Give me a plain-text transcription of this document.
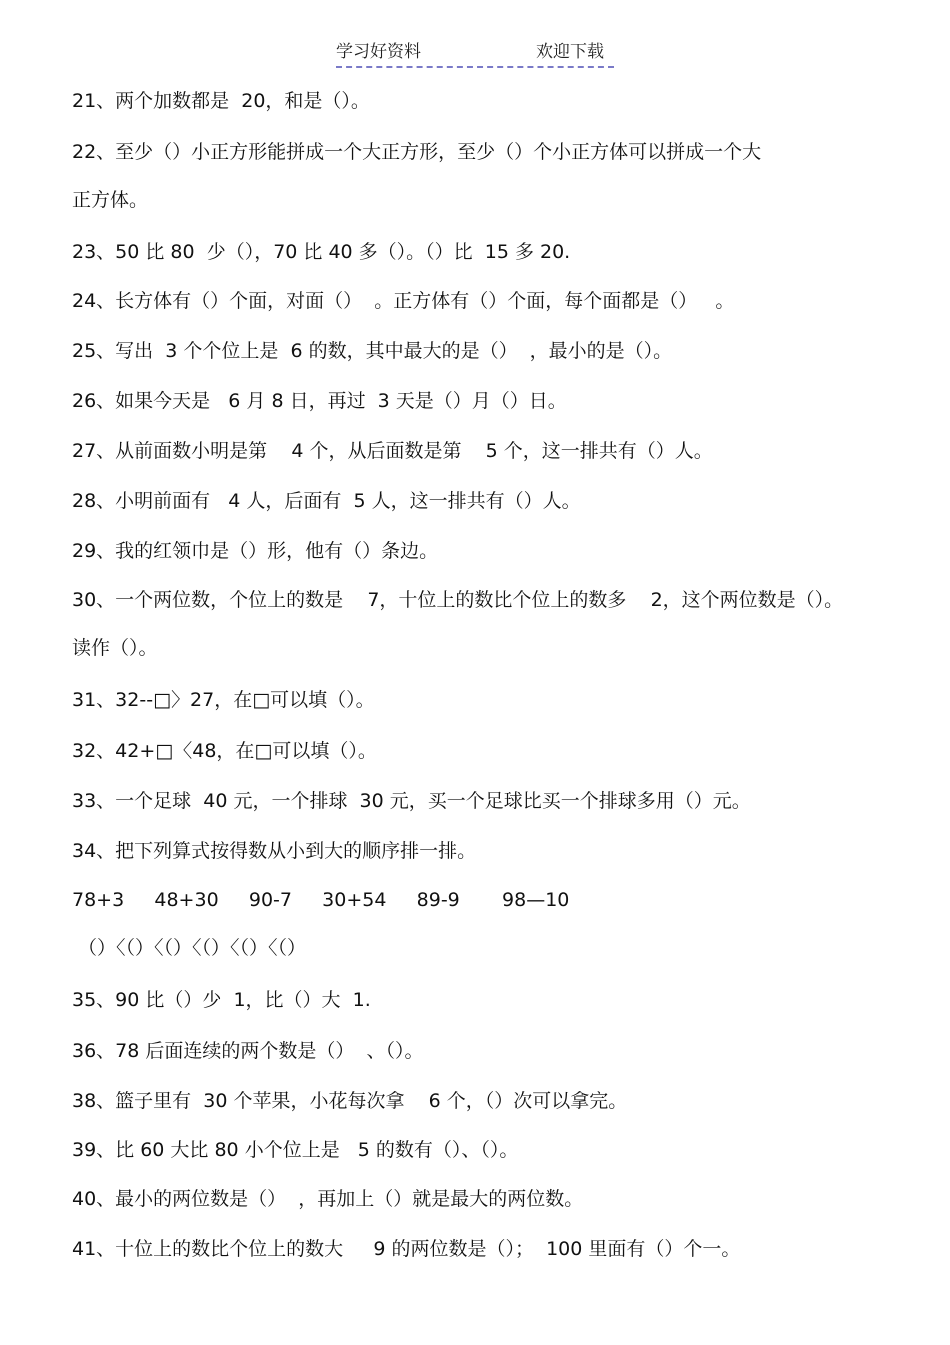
学习好资料	欢迎下载
21、两个加数都是  20，和是（）。
22、至少（）小正方形能拼成一个大正方形，至少（）个小正方体可以拼成一个大
正方体。
23、50 比 80  少（），70 比 40 多（）。（）比  15 多 20.
24、长方体有（）个面，对面（）  。正方体有（）个面，每个面都是（）   。
25、写出  3 个个位上是  6 的数，其中最大的是（）  ，最小的是（）。
26、如果今天是   6 月 8 日，再过  3 天是（）月（）日。
27、从前面数小明是第    4 个，从后面数是第    5 个，这一排共有（）人。
28、小明前面有   4 人，后面有  5 人，这一排共有（）人。
29、我的红领巾是（）形，他有（）条边。
30、一个两位数，个位上的数是    7，十位上的数比个位上的数多    2，这个两位数是（）。
读作（）。
31、32--□〉27，在□可以填（）。
32、42+□〈48，在□可以填（）。
33、一个足球  40 元，一个排球  30 元，买一个足球比买一个排球多用（）元。
34、把下列算式按得数从小到大的顺序排一排。
78+3     48+30     90-7     30+54     89-9       98—10
（）〈（）〈（）〈（）〈（）〈（）
35、90 比（）少  1，比（）大  1.
36、78 后面连续的两个数是（）  、（）。
38、篮子里有  30 个苹果，小花每次拿    6 个，（）次可以拿完。
39、比 60 大比 80 小个位上是   5 的数有（）、（）。
40、最小的两位数是（）  ，再加上（）就是最大的两位数。
41、十位上的数比个位上的数大     9 的两位数是（）；  100 里面有（）个一。
